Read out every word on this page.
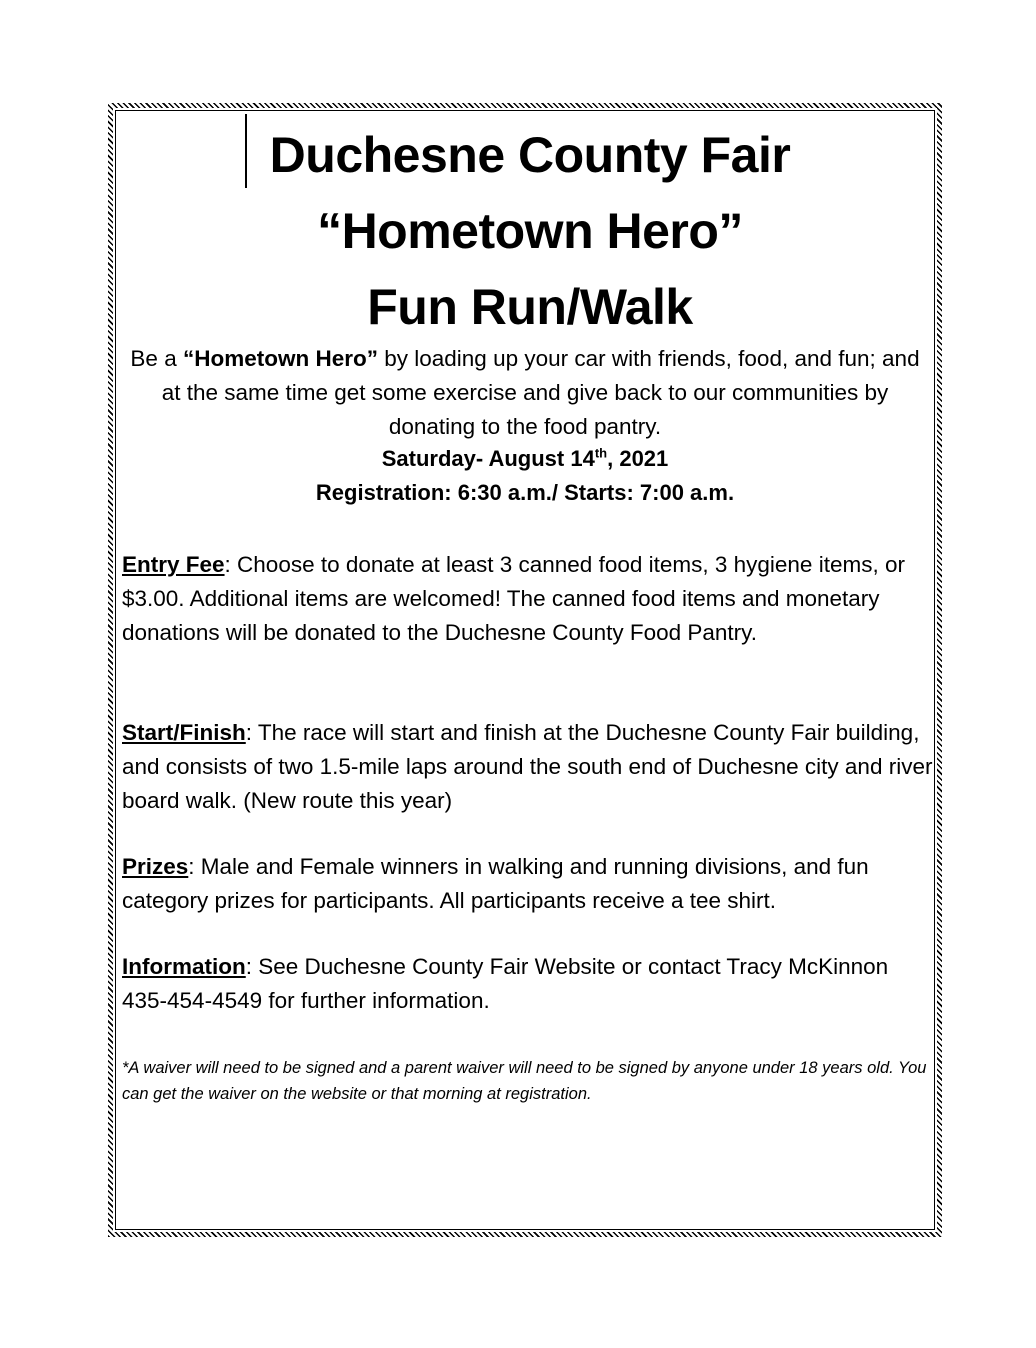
Duchesne County Fair
“Hometown Hero”
Fun Run/Walk
Be a “Hometown Hero” by loading up your car with friends, food, and fun; and at the same time get some exercise and give back to our communities by donating to the food pantry.
Saturday- August 14th, 2021
Registration: 6:30 a.m./ Starts: 7:00 a.m.
Entry Fee: Choose to donate at least 3 canned food items, 3 hygiene items, or $3.00. Additional items are welcomed! The canned food items and monetary donations will be donated to the Duchesne County Food Pantry.
Start/Finish: The race will start and finish at the Duchesne County Fair building, and consists of two 1.5-mile laps around the south end of Duchesne city and river board walk. (New route this year)
Prizes: Male and Female winners in walking and running divisions, and fun category prizes for participants. All participants receive a tee shirt.
Information: See Duchesne County Fair Website or contact Tracy McKinnon 435-454-4549 for further information.
*A waiver will need to be signed and a parent waiver will need to be signed by anyone under 18 years old. You can get the waiver on the website or that morning at registration.
